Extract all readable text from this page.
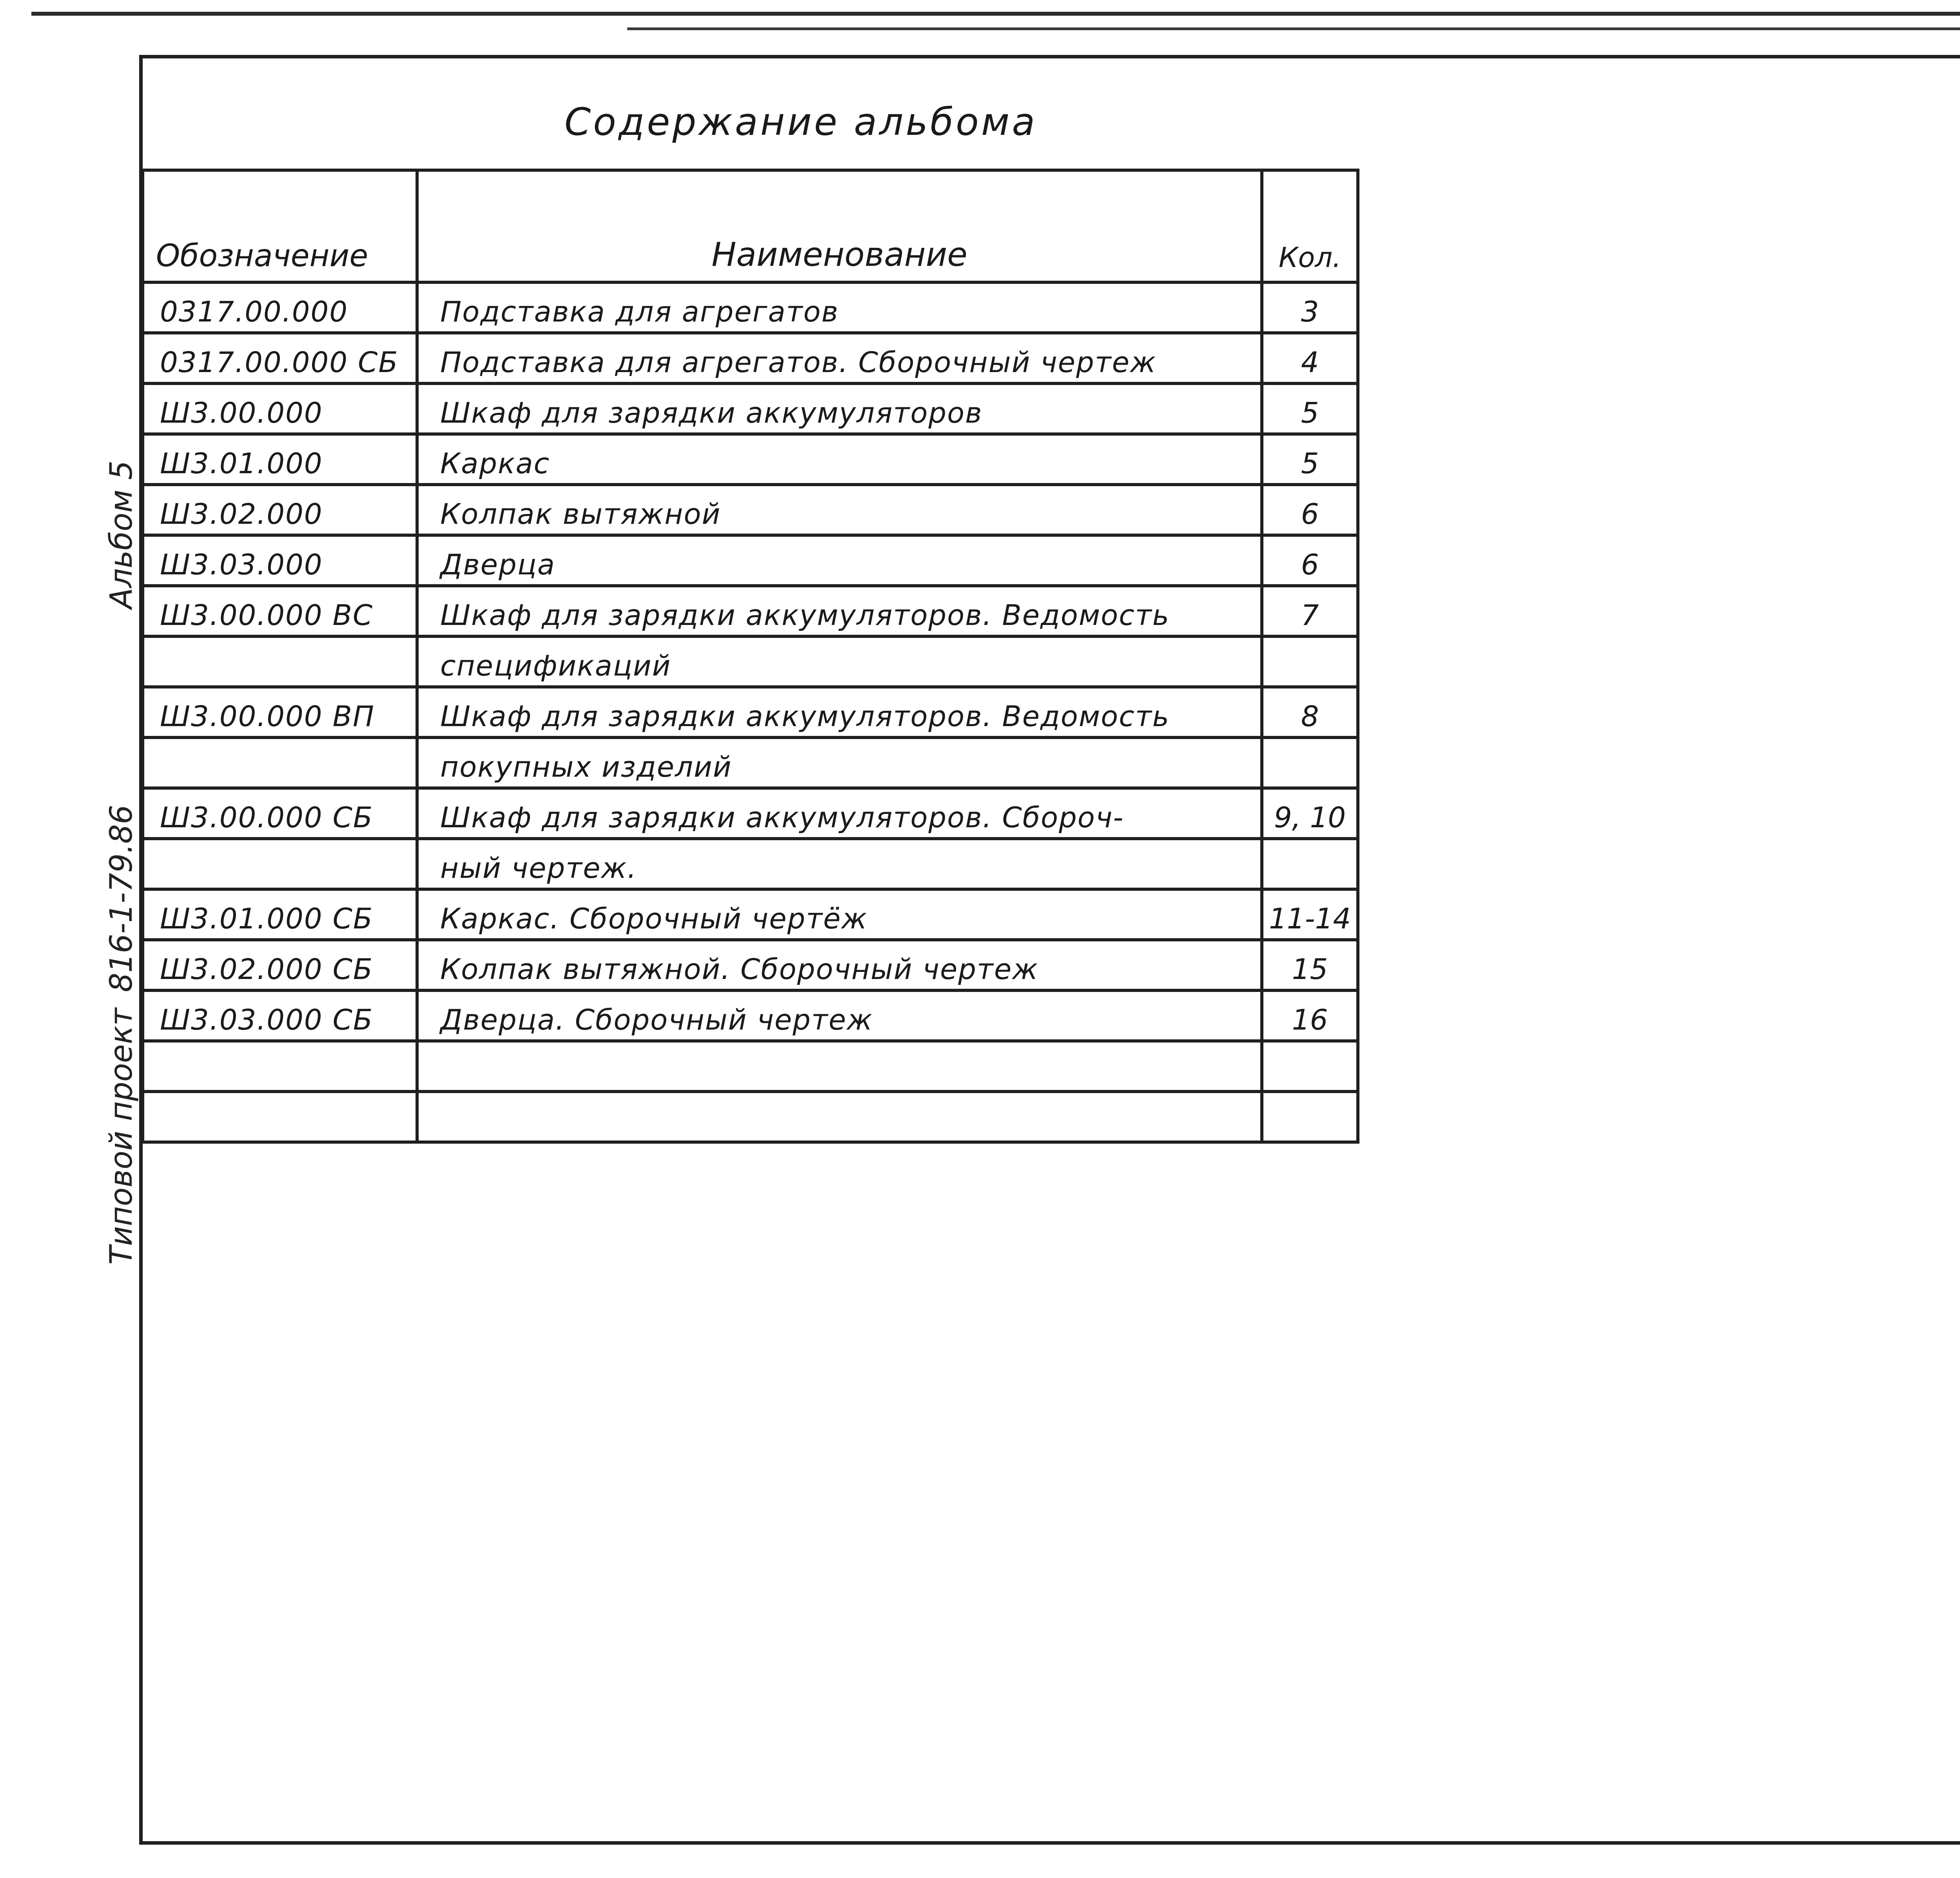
Типовой проект
816-1-79.86
Альбом 5
Содержание альбома
Обозначение	Наименование	Кол.
0317.00.000	Подставка для агрегатов	3
0317.00.000 СБ	Подставка для агрегатов. Сборочный чертеж	4
Ш3.00.000	Шкаф для зарядки аккумуляторов	5
Ш3.01.000	Каркас	5
Ш3.02.000	Колпак вытяжной	6
Ш3.03.000	Дверца	6
Ш3.00.000 ВС	Шкаф для зарядки аккумуляторов. Ведомость	7
	спецификаций	
Ш3.00.000 ВП	Шкаф для зарядки аккумуляторов. Ведомость	8
	покупных изделий	
Ш3.00.000 СБ	Шкаф для зарядки аккумуляторов. Сбороч-	9, 10
	ный чертеж.	
Ш3.01.000 СБ	Каркас. Сборочный чертёж	11-14
Ш3.02.000 СБ	Колпак вытяжной. Сборочный чертеж	15
Ш3.03.000 СБ	Дверца. Сборочный чертеж	16
